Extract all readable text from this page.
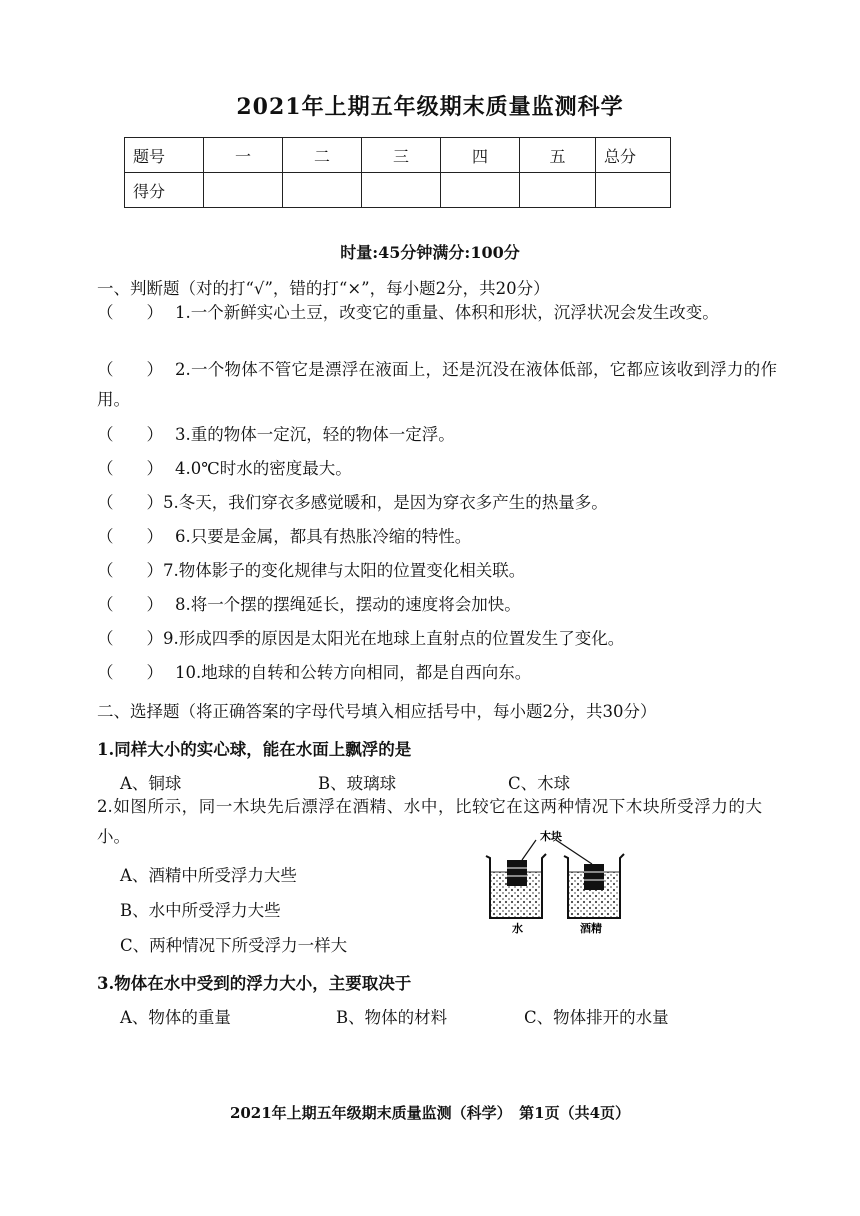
2021年上期五年级期末质量监测科学
题号	一	二	三	四	五	总分
得分						
时量:45分钟满分:100分
一、判断题（对的打“√”，错的打“×”，每小题2分，共20分）
（　　） 1.一个新鲜实心土豆，改变它的重量、体积和形状，沉浮状况会发生改变。
（　　） 2.一个物体不管它是漂浮在液面上，还是沉没在液体低部，它都应该收到浮力的作用。
（　　） 3.重的物体一定沉，轻的物体一定浮。
（　　） 4.0℃时水的密度最大。
（　　）5.冬天，我们穿衣多感觉暖和，是因为穿衣多产生的热量多。
（　　） 6.只要是金属，都具有热胀冷缩的特性。
（　　）7.物体影子的变化规律与太阳的位置变化相关联。
（　　） 8.将一个摆的摆绳延长，摆动的速度将会加快。
（　　）9.形成四季的原因是太阳光在地球上直射点的位置发生了变化。
（　　） 10.地球的自转和公转方向相同，都是自西向东。
二、选择题（将正确答案的字母代号填入相应括号中，每小题2分，共30分）
1.同样大小的实心球，能在水面上飘浮的是
A、铜球	B、玻璃球	C、木球
2.如图所示，同一木块先后漂浮在酒精、水中，比较它在这两种情况下木块所受浮力的大小。
A、酒精中所受浮力大些
B、水中所受浮力大些
C、两种情况下所受浮力一样大
木块
水	酒精
3.物体在水中受到的浮力大小，主要取决于
A、物体的重量	B、物体的材料	C、物体排开的水量
2021年上期五年级期末质量监测（科学）　第1页（共4页）
